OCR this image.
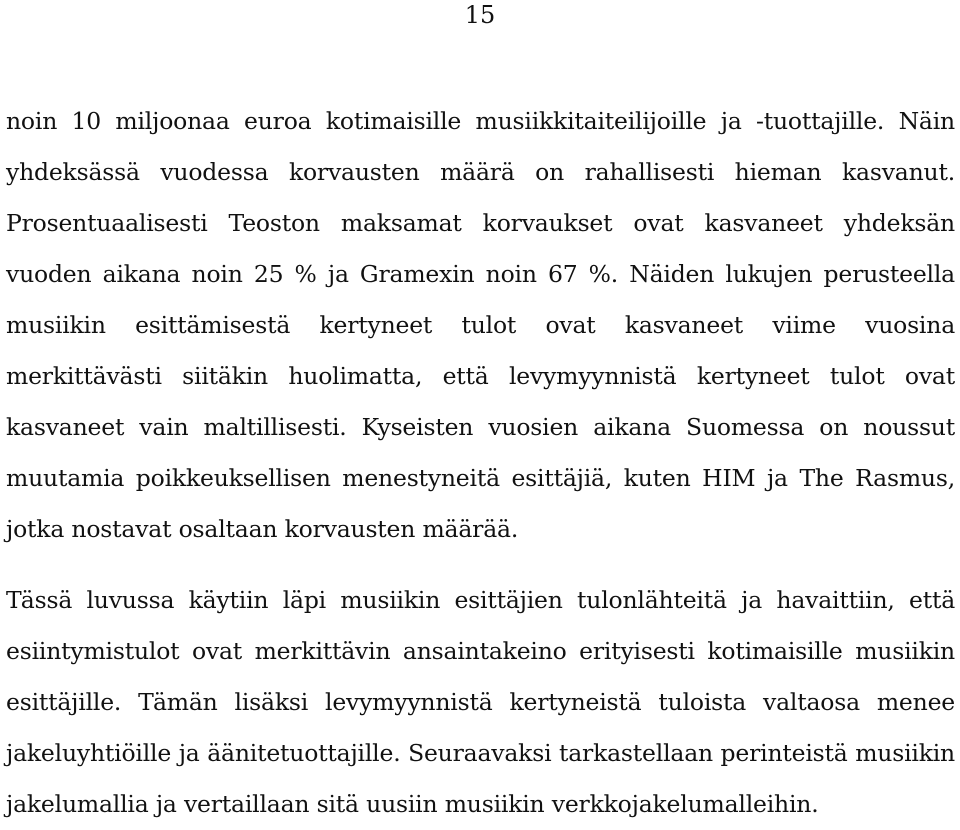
15

noin 10 miljoonaa euroa kotimaisille musiikkitaiteilijoille ja -tuottajille. Näin
yhdeksässä vuodessa korvausten määrä on rahallisesti hieman kasvanut.
Prosentuaalisesti Teoston maksamat korvaukset ovat kasvaneet yhdeksän
vuoden aikana noin 25 % ja Gramexin noin 67 %. Näiden lukujen perusteella
musiikin esittämisestä kertyneet tulot ovat kasvaneet viime vuosina
merkittävästi siitäkin huolimatta, että levymyynnistä kertyneet tulot ovat
kasvaneet vain maltillisesti. Kyseisten vuosien aikana Suomessa on noussut
muutamia poikkeuksellisen menestyneitä esittäjiä, kuten HIM ja The Rasmus,
jotka nostavat osaltaan korvausten määrää.

Tässä luvussa käytiin läpi musiikin esittäjien tulonlähteitä ja havaittiin, että
esiintymistulot ovat merkittävin ansaintakeino erityisesti kotimaisille musiikin
esittäjille. Tämän lisäksi levymyynnistä kertyneistä tuloista valtaosa menee
jakeluyhtiöille ja äänitetuottajille. Seuraavaksi tarkastellaan perinteistä musiikin
jakelumallia ja vertaillaan sitä uusiin musiikin verkkojakelumalleihin.
